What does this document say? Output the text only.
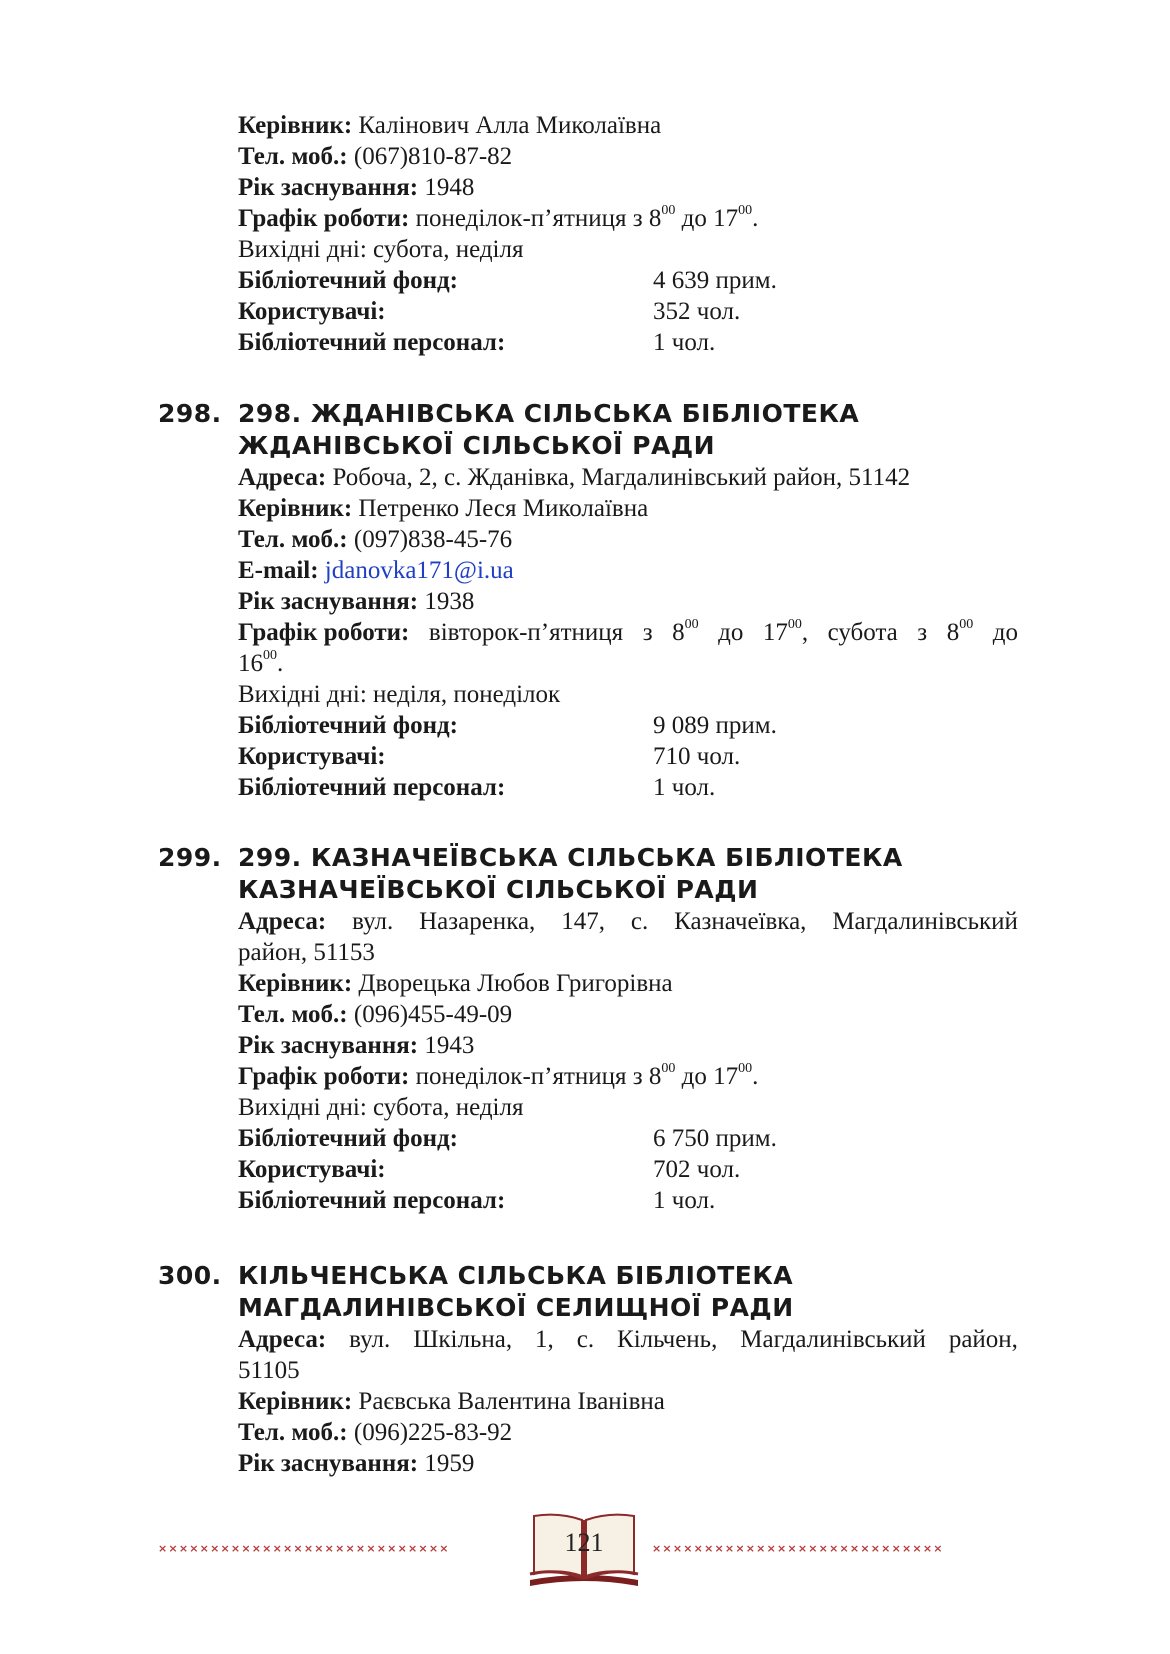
Керівник: Калінович Алла Миколаївна
Тел. моб.: (067)810-87-82
Рік заснування: 1948
Графік роботи: понеділок-п’ятниця з $8^{00}$ до $17^{00}$.
Вихідні дні: субота, неділя
Бібліотечний фонд:	4 639 прим.
Користувачі:	352 чол.
Бібліотечний персонал:	1 чол.
298. 298. ЖДАНІВСЬКА СІЛЬСЬКА БІБЛІОТЕКА
ЖДАНІВСЬКОЇ СІЛЬСЬКОЇ РАДИ
Адреса: Робоча, 2, с. Жданівка, Магдалинівський район, 51142
Керівник: Петренко Леся Миколаївна
Тел. моб.: (097)838-45-76
E-mail: jdanovka171@i.ua
Рік заснування: 1938
Графік роботи: вівторок-п’ятниця з $8^{00}$ до $17^{00}$, субота з $8^{00}$ до
$16^{00}$.
Вихідні дні: неділя, понеділок
Бібліотечний фонд:	9 089 прим.
Користувачі:	710 чол.
Бібліотечний персонал:	1 чол.
299. 299. КАЗНАЧЕЇВСЬКА СІЛЬСЬКА БІБЛІОТЕКА
КАЗНАЧЕЇВСЬКОЇ СІЛЬСЬКОЇ РАДИ
Адреса: вул. Назаренка, 147, с. Казначеївка, Магдалинівський
район, 51153
Керівник: Дворецька Любов Григорівна
Тел. моб.: (096)455-49-09
Рік заснування: 1943
Графік роботи: понеділок-п’ятниця з $8^{00}$ до $17^{00}$.
Вихідні дні: субота, неділя
Бібліотечний фонд:	6 750 прим.
Користувачі:	702 чол.
Бібліотечний персонал:	1 чол.
300. КІЛЬЧЕНСЬКА СІЛЬСЬКА БІБЛІОТЕКА
МАГДАЛИНІВСЬКОЇ СЕЛИЩНОЇ РАДИ
Адреса: вул. Шкільна, 1, с. Кільчень, Магдалинівський район,
51105
Керівник: Раєвська Валентина Іванівна
Тел. моб.: (096)225-83-92
Рік заснування: 1959
××××××××××××××××××××××××××××	121	××××××××××××××××××××××××××××
